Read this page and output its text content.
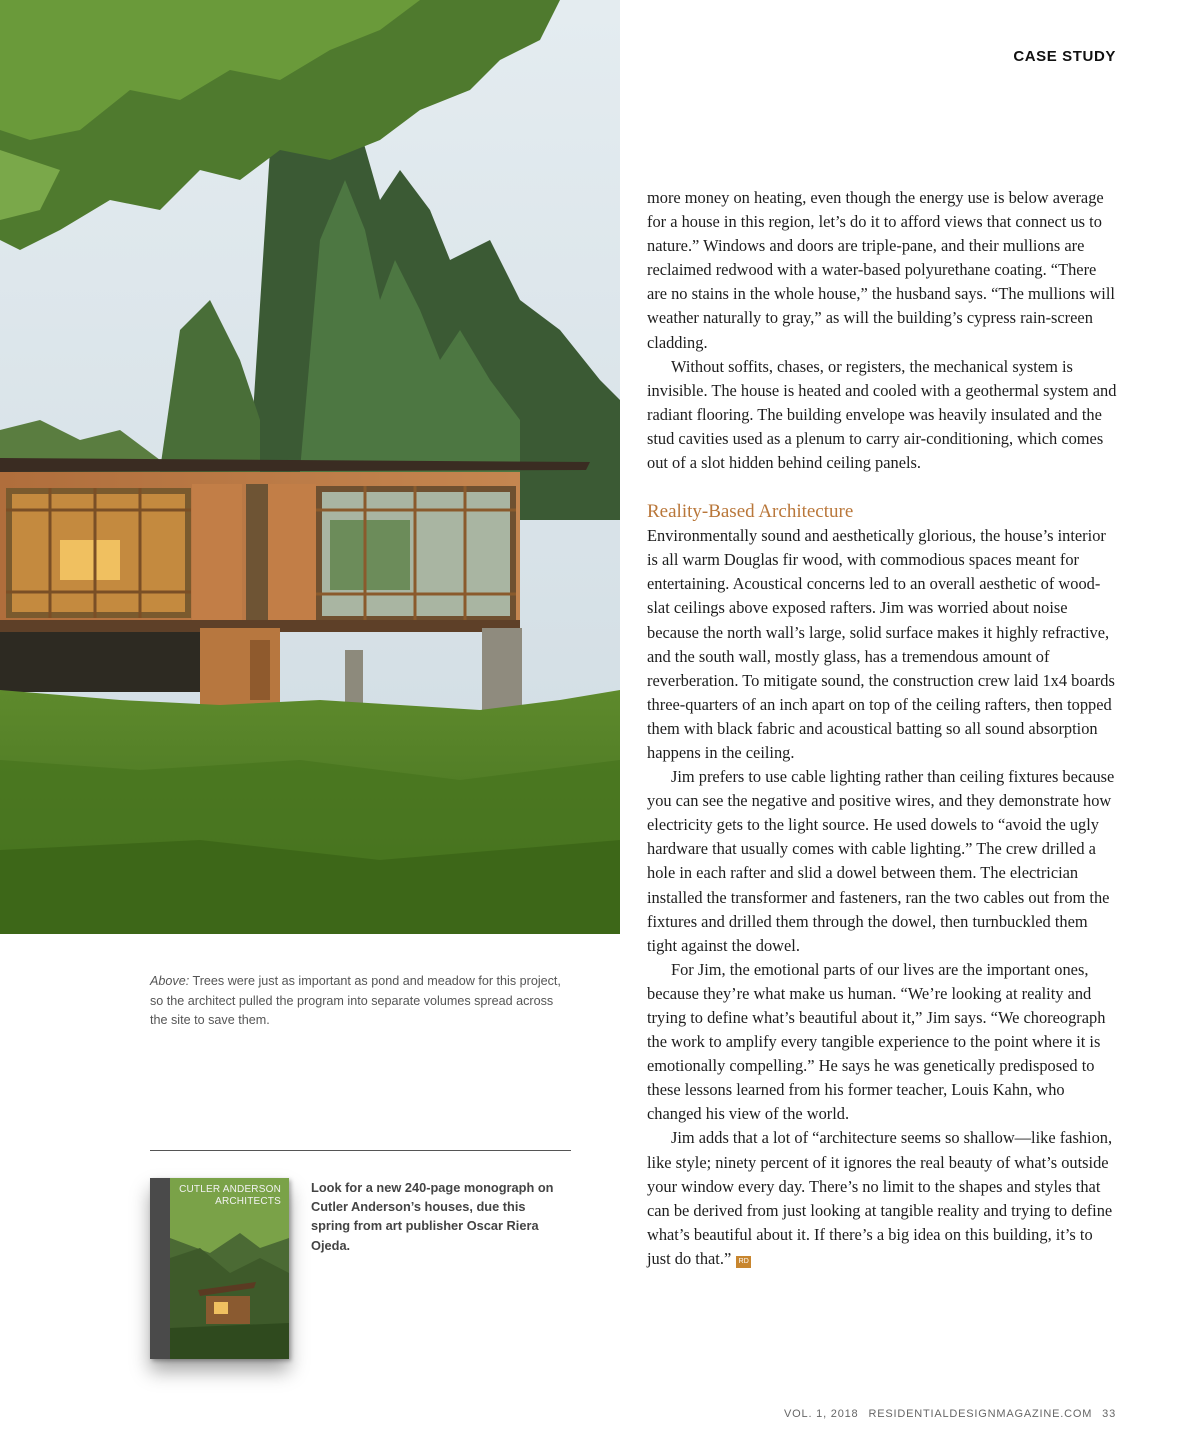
CASE STUDY
Above: Trees were just as important as pond and meadow for this project, so the architect pulled the program into separate volumes spread across the site to save them.
CUTLER ANDERSON
ARCHITECTS
Look for a new 240-page monograph on Cutler Anderson’s houses, due this spring from art publisher Oscar Riera Ojeda.

more money on heating, even though the energy use is below average for a house in this region, let’s do it to afford views that connect us to nature.” Windows and doors are triple-pane, and their mullions are reclaimed redwood with a water-based polyurethane coating. “There are no stains in the whole house,” the husband says. “The mullions will weather naturally to gray,” as will the building’s cypress rain-screen cladding.

Without soffits, chases, or registers, the mechanical system is invisible. The house is heated and cooled with a geothermal system and radiant flooring. The building envelope was heavily insulated and the stud cavities used as a plenum to carry air-conditioning, which comes out of a slot hidden behind ceiling panels.

Reality-Based Architecture

Environmentally sound and aesthetically glorious, the house’s interior is all warm Douglas fir wood, with commodious spaces meant for entertaining. Acoustical concerns led to an overall aesthetic of wood-slat ceilings above exposed rafters. Jim was worried about noise because the north wall’s large, solid surface makes it highly refractive, and the south wall, mostly glass, has a tremendous amount of reverberation. To mitigate sound, the construction crew laid 1x4 boards three-quarters of an inch apart on top of the ceiling rafters, then topped them with black fabric and acoustical batting so all sound absorption happens in the ceiling.

Jim prefers to use cable lighting rather than ceiling fixtures because you can see the negative and positive wires, and they demonstrate how electricity gets to the light source. He used dowels to “avoid the ugly hardware that usually comes with cable lighting.” The crew drilled a hole in each rafter and slid a dowel between them. The electrician installed the transformer and fasteners, ran the two cables out from the fixtures and drilled them through the dowel, then turnbuckled them tight against the dowel.

For Jim, the emotional parts of our lives are the important ones, because they’re what make us human. “We’re looking at reality and trying to define what’s beautiful about it,” Jim says. “We choreograph the work to amplify every tangible experience to the point where it is emotionally compelling.” He says he was genetically predisposed to these lessons learned from his former teacher, Louis Kahn, who changed his view of the world.

Jim adds that a lot of “architecture seems so shallow—like fashion, like style; ninety percent of it ignores the real beauty of what’s outside your window every day. There’s no limit to the shapes and styles that can be derived from just looking at tangible reality and trying to define what’s beautiful about it. If there’s a big idea on this building, it’s to just do that.” RD

VOL. 1, 2018 RESIDENTIALDESIGNMAGAZINE.COM 33
